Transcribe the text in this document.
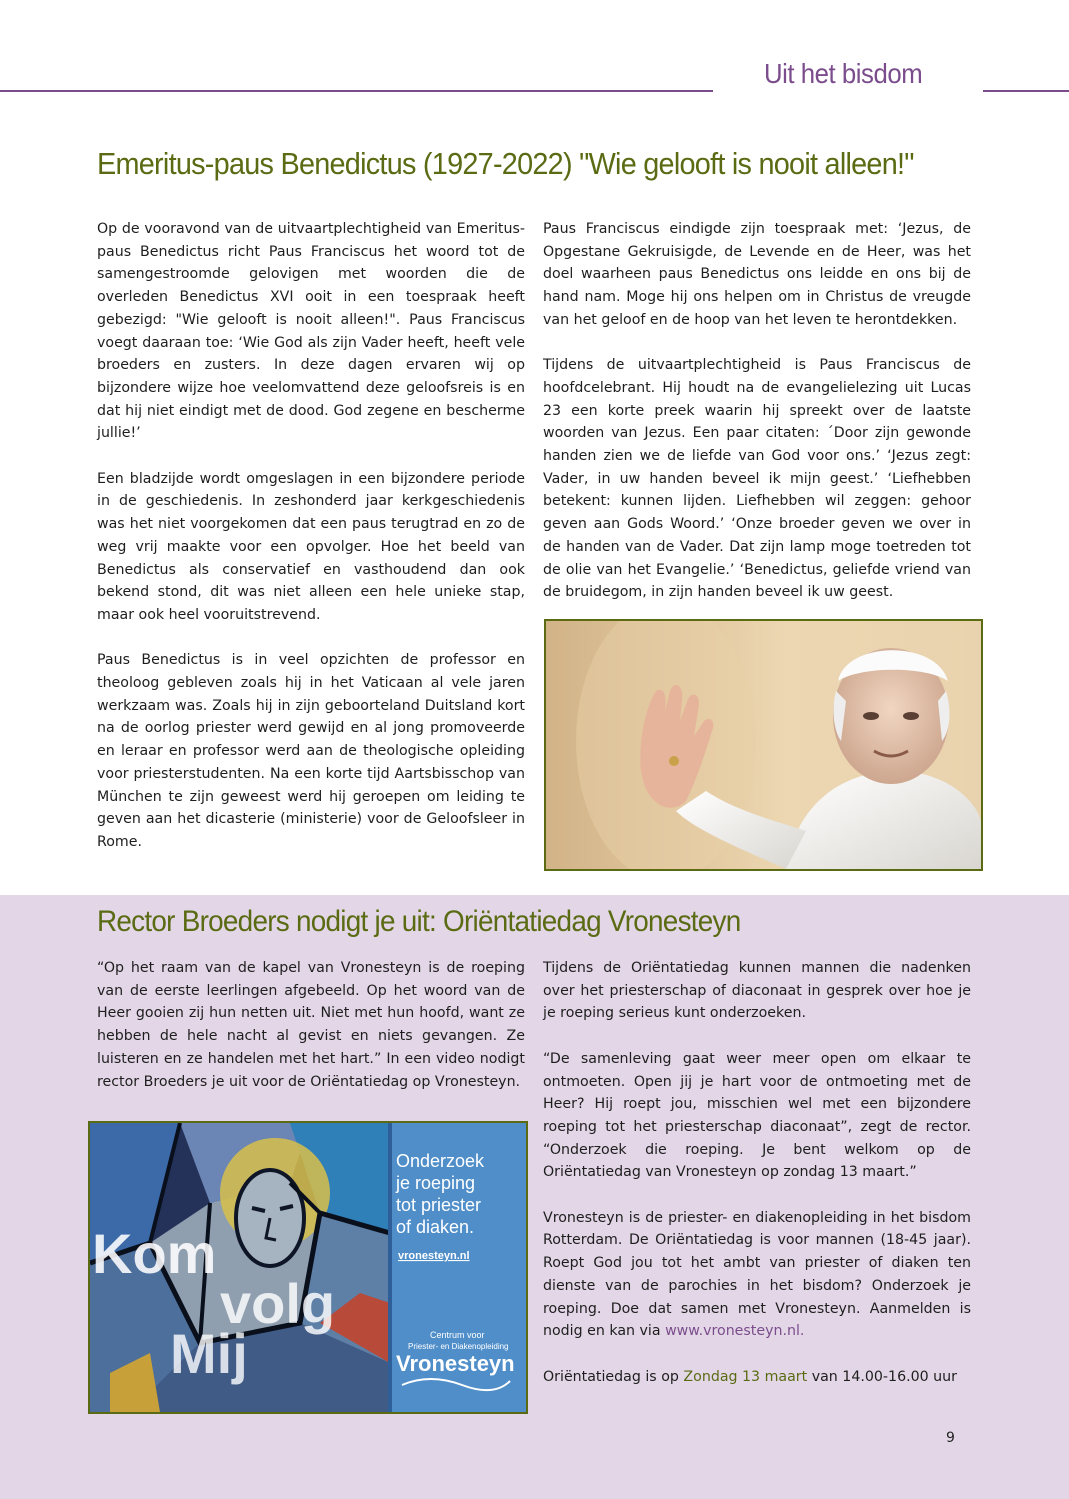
Uit het bisdom
Emeritus-paus Benedictus (1927-2022) "Wie gelooft is nooit alleen!"

Op de vooravond van de uitvaartplechtigheid van Emeritus-paus Benedictus richt Paus Franciscus het woord tot de samengestroomde gelovigen met woorden die de overleden Benedictus XVI ooit in een toespraak heeft gebezigd: "Wie gelooft is nooit alleen!". Paus Franciscus voegt daaraan toe: ‘Wie God als zijn Vader heeft, heeft vele broeders en zusters. In deze dagen ervaren wij op bijzondere wijze hoe veelomvattend deze geloofsreis is en dat hij niet eindigt met de dood. God zegene en bescherme jullie!’

Een bladzijde wordt omgeslagen in een bijzondere periode in de geschiedenis. In zeshonderd jaar kerkgeschiedenis was het niet voorgekomen dat een paus terugtrad en zo de weg vrij maakte voor een opvolger. Hoe het beeld van Benedictus als conservatief en vasthoudend dan ook bekend stond, dit was niet alleen een hele unieke stap, maar ook heel vooruitstrevend.

Paus Benedictus is in veel opzichten de professor en theoloog gebleven zoals hij in het Vaticaan al vele jaren werkzaam was. Zoals hij in zijn geboorteland Duitsland kort na de oorlog priester werd gewijd en al jong promoveerde en leraar en professor werd aan de theologische opleiding voor priesterstudenten. Na een korte tijd Aartsbisschop van München te zijn geweest werd hij geroepen om leiding te geven aan het dicasterie (ministerie) voor de Geloofsleer in Rome.

Paus Franciscus eindigde zijn toespraak met: ‘Jezus, de Opgestane Gekruisigde, de Levende en de Heer, was het doel waarheen paus Benedictus ons leidde en ons bij de hand nam. Moge hij ons helpen om in Christus de vreugde van het geloof en de hoop van het leven te herontdekken.

Tijdens de uitvaartplechtigheid is Paus Franciscus de hoofdcelebrant. Hij houdt na de evangelielezing uit Lucas 23 een korte preek waarin hij spreekt over de laatste woorden van Jezus. Een paar citaten: ´Door zijn gewonde handen zien we de liefde van God voor ons.’ ‘Jezus zegt: Vader, in uw handen beveel ik mijn geest.’ ‘Liefhebben betekent: kunnen lijden. Liefhebben wil zeggen: gehoor geven aan Gods Woord.’ ‘Onze broeder geven we over in de handen van de Vader. Dat zijn lamp moge toetreden tot de olie van het Evangelie.’ ‘Benedictus, geliefde vriend van de bruidegom, in zijn handen beveel ik uw geest.

Rector Broeders nodigt je uit: Oriëntatiedag Vronesteyn

“Op het raam van de kapel van Vronesteyn is de roeping van de eerste leerlingen afgebeeld. Op het woord van de Heer gooien zij hun netten uit. Niet met hun hoofd, want ze hebben de hele nacht al gevist en niets gevangen. Ze luisteren en ze handelen met het hart.” In een video nodigt rector Broeders je uit voor de Oriëntatiedag op Vronesteyn.

Tijdens de Oriëntatiedag kunnen mannen die nadenken over het priesterschap of diaconaat in gesprek over hoe je je roeping serieus kunt onderzoeken.

“De samenleving gaat weer meer open om elkaar te ontmoeten. Open jij je hart voor de ontmoeting met de Heer? Hij roept jou, misschien wel met een bijzondere roeping tot het priesterschap diaconaat”, zegt de rector. “Onderzoek die roeping. Je bent welkom op de Oriëntatiedag van Vronesteyn op zondag 13 maart.”

Vronesteyn is de priester- en diakenopleiding in het bisdom Rotterdam. De Oriëntatiedag is voor mannen (18-45 jaar). Roept God jou tot het ambt van priester of diaken ten dienste van de parochies in het bisdom? Onderzoek je roeping. Doe dat samen met Vronesteyn. Aanmelden is nodig en kan via www.vronesteyn.nl.

Oriëntatiedag is op Zondag 13 maart van 14.00-16.00 uur

Kom
volg
Mij
Onderzoek
je roeping
tot priester
of diaken.
vronesteyn.nl
Centrum voor
Priester- en Diakenopleiding
Vronesteyn
9
